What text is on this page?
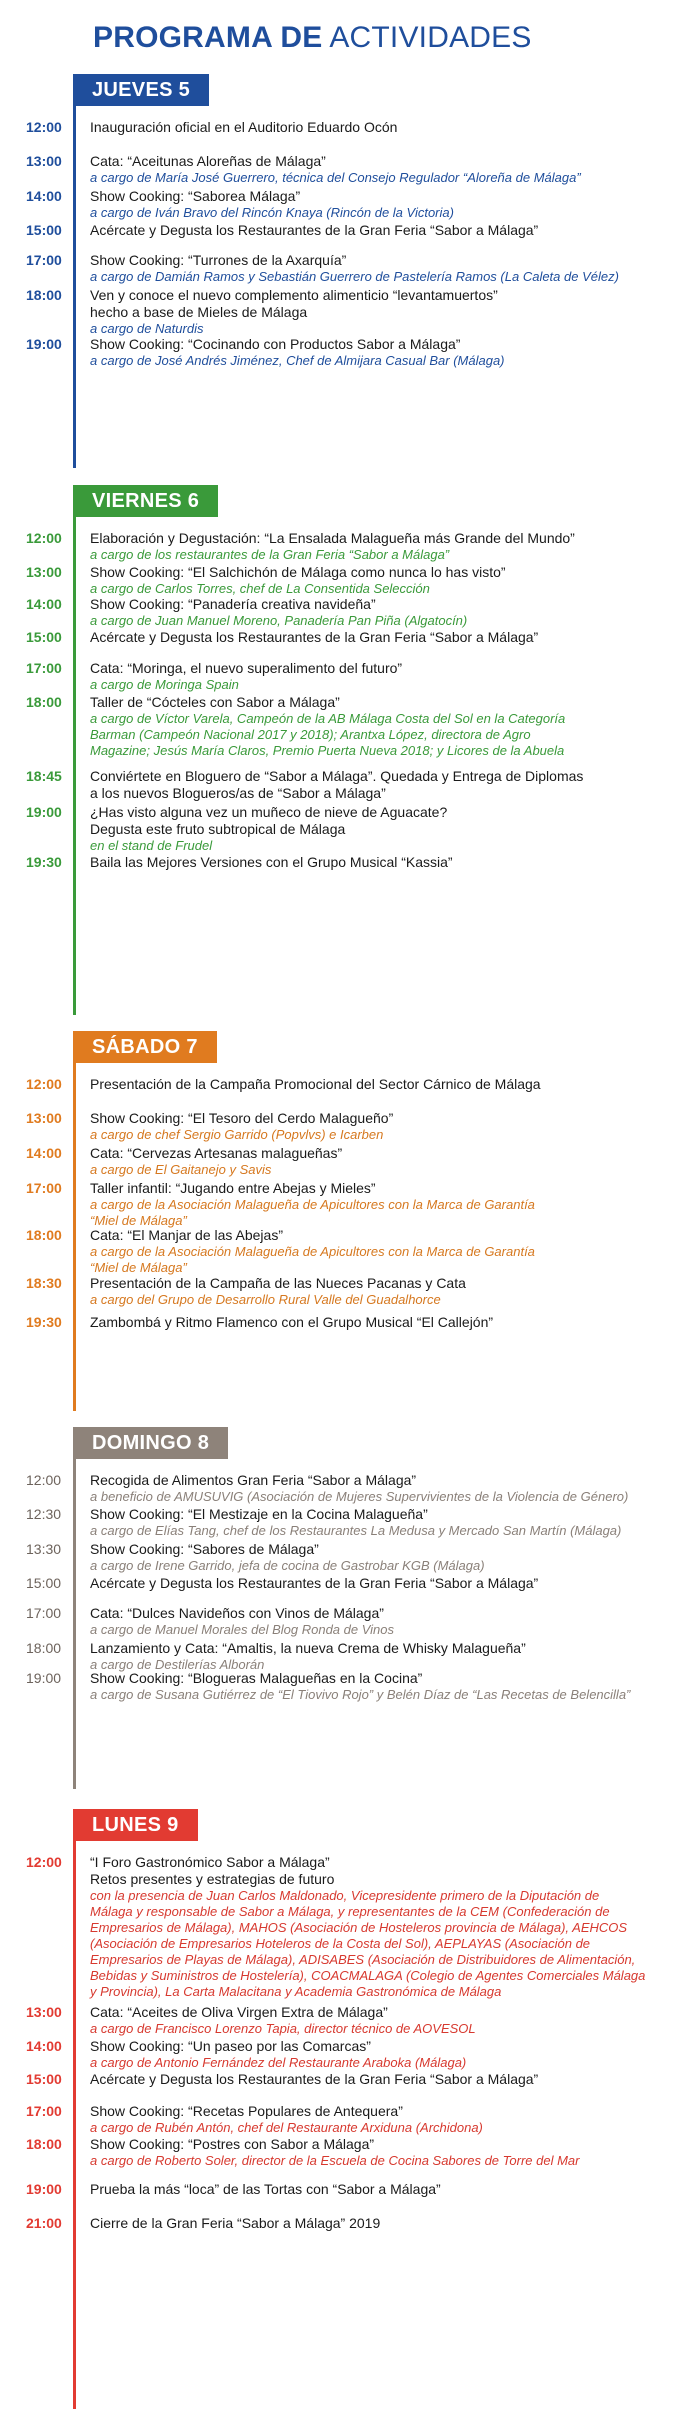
PROGRAMA DE ACTIVIDADES
JUEVES 5
12:00	Inauguración oficial en el Auditorio Eduardo Ocón
13:00	Cata: “Aceitunas Aloreñas de Málaga”
a cargo de María José Guerrero, técnica del Consejo Regulador “Aloreña de Málaga”
14:00	Show Cooking: “Saborea Málaga”
a cargo de Iván Bravo del Rincón Knaya (Rincón de la Victoria)
15:00	Acércate y Degusta los Restaurantes de la Gran Feria “Sabor a Málaga”
17:00	Show Cooking: “Turrones de la Axarquía”
a cargo de Damián Ramos y Sebastián Guerrero de Pastelería Ramos (La Caleta de Vélez)
18:00	Ven y conoce el nuevo complemento alimenticio “levantamuertos”
hecho a base de Mieles de Málaga
a cargo de Naturdis
19:00	Show Cooking: “Cocinando con Productos Sabor a Málaga”
a cargo de José Andrés Jiménez, Chef de Almijara Casual Bar (Málaga)
VIERNES 6
12:00	Elaboración y Degustación: “La Ensalada Malagueña más Grande del Mundo”
a cargo de los restaurantes de la Gran Feria “Sabor a Málaga”
13:00	Show Cooking: “El Salchichón de Málaga como nunca lo has visto”
a cargo de Carlos Torres, chef de La Consentida Selección
14:00	Show Cooking: “Panadería creativa navideña”
a cargo de Juan Manuel Moreno, Panadería Pan Piña (Algatocín)
15:00	Acércate y Degusta los Restaurantes de la Gran Feria “Sabor a Málaga”
17:00	Cata: “Moringa, el nuevo superalimento del futuro”
a cargo de Moringa Spain
18:00	Taller de “Cócteles con Sabor a Málaga”
a cargo de Víctor Varela, Campeón de la AB Málaga Costa del Sol en la Categoría
Barman (Campeón Nacional 2017 y 2018); Arantxa López, directora de Agro
Magazine; Jesús María Claros, Premio Puerta Nueva 2018; y Licores de la Abuela
18:45	Conviértete en Bloguero de “Sabor a Málaga”. Quedada y Entrega de Diplomas
a los nuevos Blogueros/as de “Sabor a Málaga”
19:00	¿Has visto alguna vez un muñeco de nieve de Aguacate?
Degusta este fruto subtropical de Málaga
en el stand de Frudel
19:30	Baila las Mejores Versiones con el Grupo Musical “Kassia”
SÁBADO 7
12:00	Presentación de la Campaña Promocional del Sector Cárnico de Málaga
13:00	Show Cooking: “El Tesoro del Cerdo Malagueño”
a cargo de chef Sergio Garrido (Popvlvs) e Icarben
14:00	Cata: “Cervezas Artesanas malagueñas”
a cargo de El Gaitanejo y Savis
17:00	Taller infantil: “Jugando entre Abejas y Mieles”
a cargo de la Asociación Malagueña de Apicultores con la Marca de Garantía
“Miel de Málaga”
18:00	Cata: “El Manjar de las Abejas”
a cargo de la Asociación Malagueña de Apicultores con la Marca de Garantía
“Miel de Málaga”
18:30	Presentación de la Campaña de las Nueces Pacanas y Cata
a cargo del Grupo de Desarrollo Rural Valle del Guadalhorce
19:30	Zambombá y Ritmo Flamenco con el Grupo Musical “El Callejón”
DOMINGO 8
12:00	Recogida de Alimentos Gran Feria “Sabor a Málaga”
a beneficio de AMUSUVIG (Asociación de Mujeres Supervivientes de la Violencia de Género)
12:30	Show Cooking: “El Mestizaje en la Cocina Malagueña”
a cargo de Elías Tang, chef de los Restaurantes La Medusa y Mercado San Martín (Málaga)
13:30	Show Cooking: “Sabores de Málaga”
a cargo de Irene Garrido, jefa de cocina de Gastrobar KGB (Málaga)
15:00	Acércate y Degusta los Restaurantes de la Gran Feria “Sabor a Málaga”
17:00	Cata: “Dulces Navideños con Vinos de Málaga”
a cargo de Manuel Morales del Blog Ronda de Vinos
18:00	Lanzamiento y Cata: “Amaltis, la nueva Crema de Whisky Malagueña”
a cargo de Destilerías Alborán
19:00	Show Cooking: “Blogueras Malagueñas en la Cocina”
a cargo de Susana Gutiérrez de “El Tiovivo Rojo” y Belén Díaz de “Las Recetas de Belencilla”
LUNES 9
12:00	“I Foro Gastronómico Sabor a Málaga”
Retos presentes y estrategias de futuro
con la presencia de Juan Carlos Maldonado, Vicepresidente primero de la Diputación de
Málaga y responsable de Sabor a Málaga, y representantes de la CEM (Confederación de
Empresarios de Málaga), MAHOS (Asociación de Hosteleros provincia de Málaga), AEHCOS
(Asociación de Empresarios Hoteleros de la Costa del Sol), AEPLAYAS (Asociación de
Empresarios de Playas de Málaga), ADISABES (Asociación de Distribuidores de Alimentación,
Bebidas y Suministros de Hostelería), COACMALAGA (Colegio de Agentes Comerciales Málaga
y Provincia), La Carta Malacitana y Academia Gastronómica de Málaga
13:00	Cata: “Aceites de Oliva Virgen Extra de Málaga”
a cargo de Francisco Lorenzo Tapia, director técnico de AOVESOL
14:00	Show Cooking: “Un paseo por las Comarcas”
a cargo de Antonio Fernández del Restaurante Araboka (Málaga)
15:00	Acércate y Degusta los Restaurantes de la Gran Feria “Sabor a Málaga”
17:00	Show Cooking: “Recetas Populares de Antequera”
a cargo de Rubén Antón, chef del Restaurante Arxiduna (Archidona)
18:00	Show Cooking: “Postres con Sabor a Málaga”
a cargo de Roberto Soler, director de la Escuela de Cocina Sabores de Torre del Mar
19:00	Prueba la más “loca” de las Tortas con “Sabor a Málaga”
21:00	Cierre de la Gran Feria “Sabor a Málaga” 2019
